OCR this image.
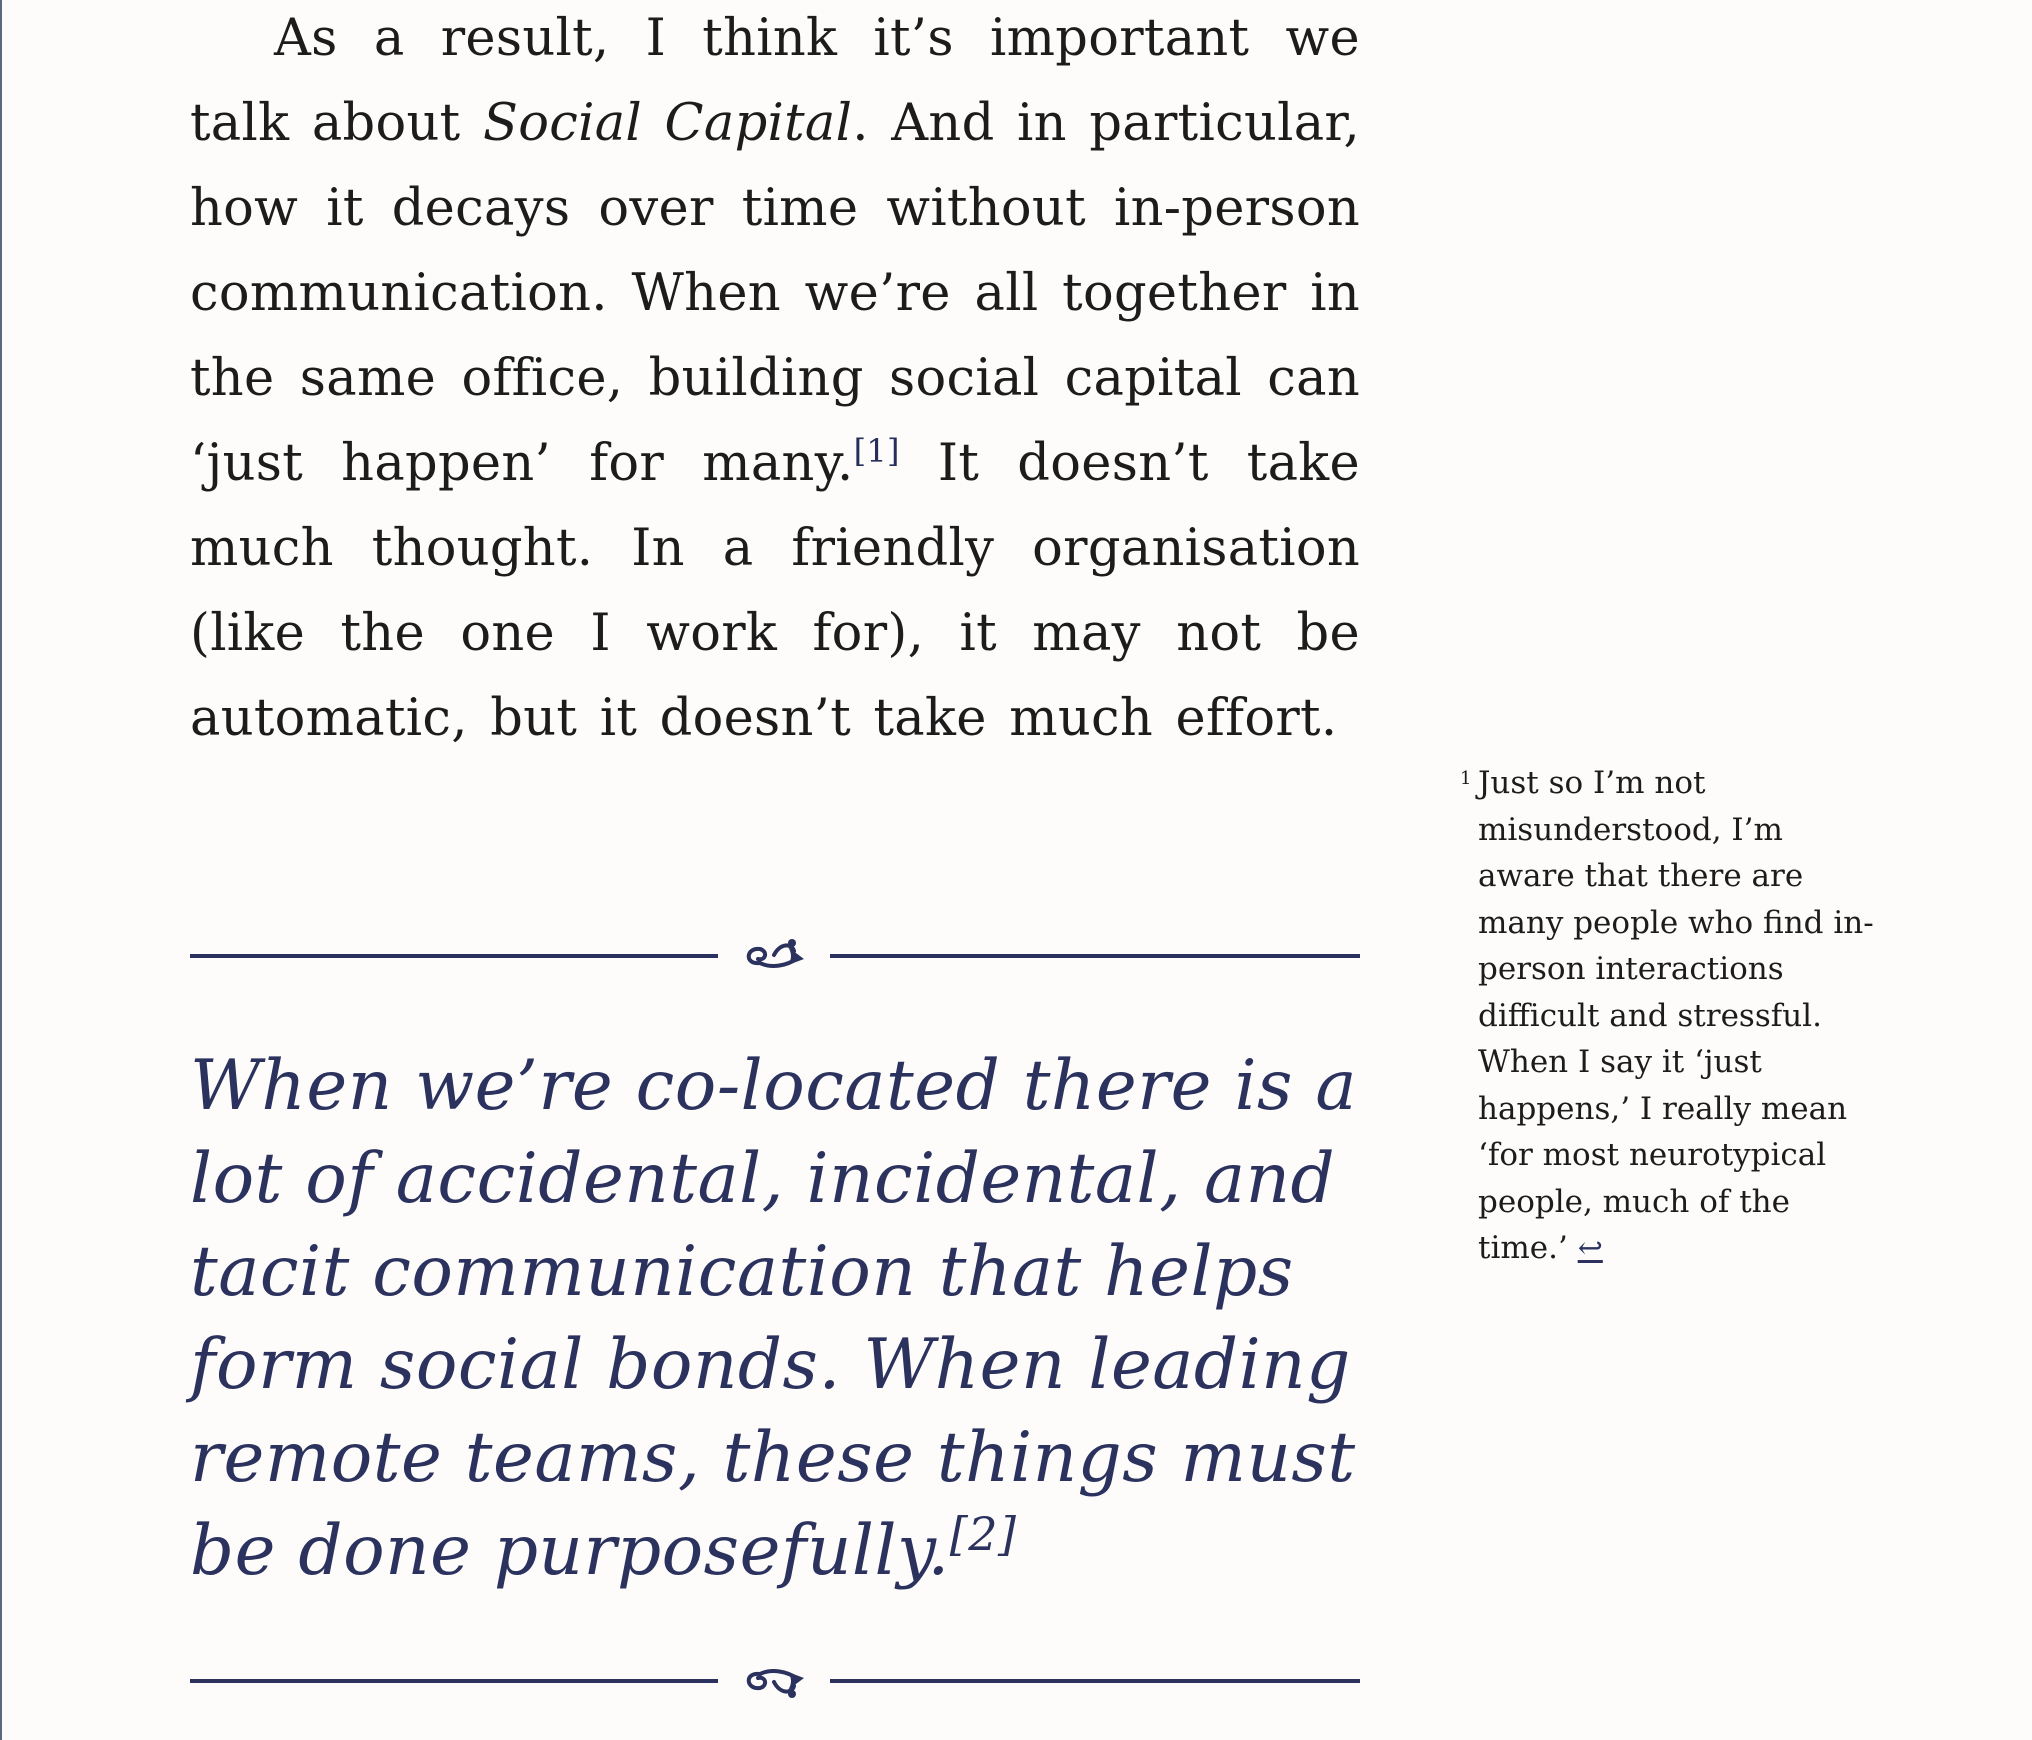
As a result, I think it’s important we talk about Social Capital. And in particular, how it decays over time without in-person communication. When we’re all together in the same office, building social capital can ‘just happen’ for many.[1] It doesn’t take much thought. In a friendly organisation (like the one I work for), it may not be automatic, but it doesn’t take much effort.

When we’re co-located there is a lot of accidental, incidental, and tacit communication that helps form social bonds. When leading remote teams, these things must be done purposefully.[2]

1 Just so I’m not misunderstood, I’m aware that there are many people who find in-person interactions difficult and stressful. When I say it ‘just happens,’ I really mean ‘for most neurotypical people, much of the time.’ ↩
